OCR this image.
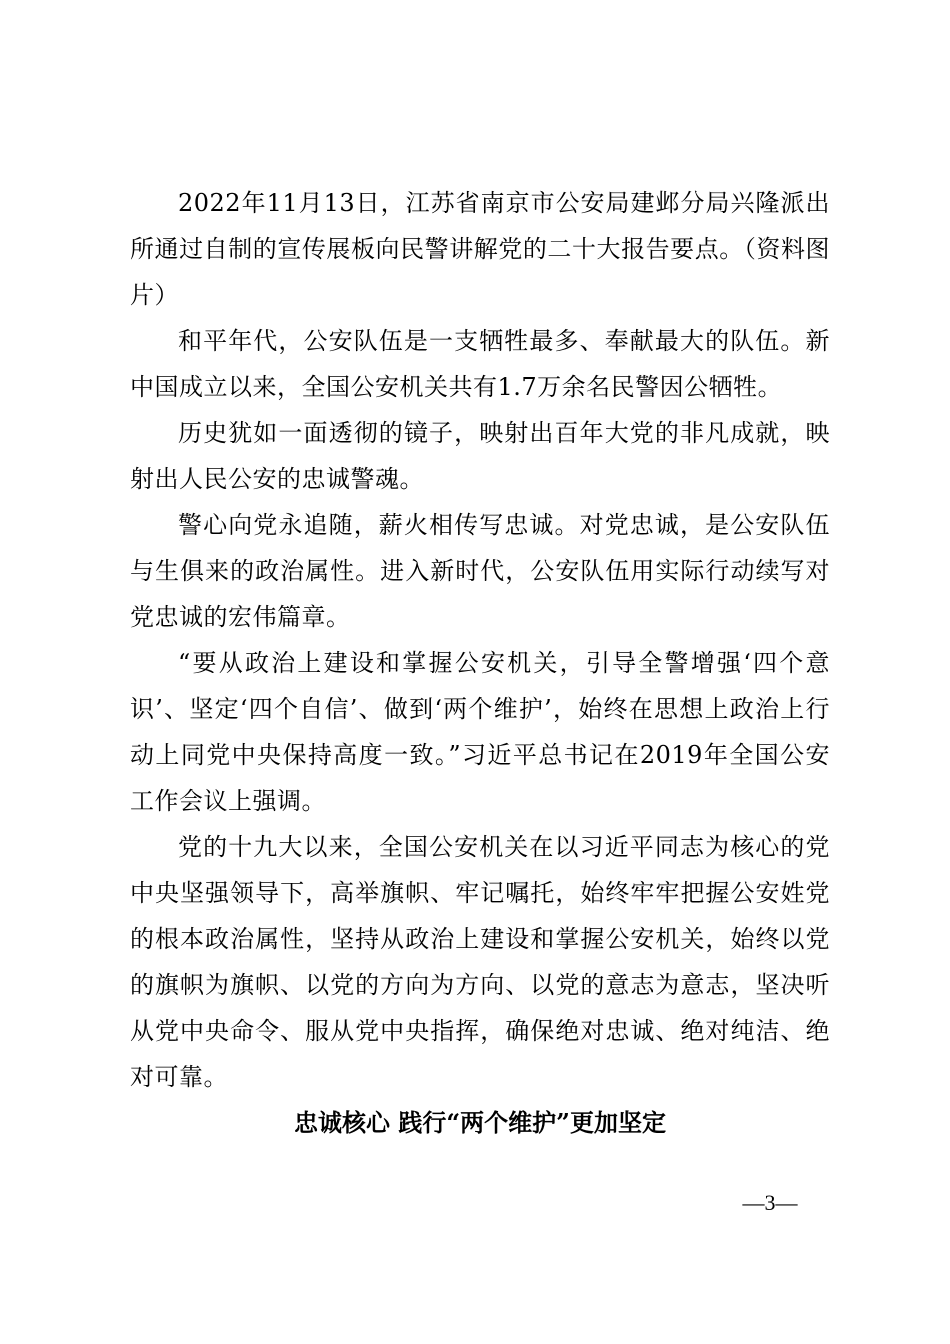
2022年11月13日，江苏省南京市公安局建邺分局兴隆派出所通过自制的宣传展板向民警讲解党的二十大报告要点。（资料图片）

和平年代，公安队伍是一支牺牲最多、奉献最大的队伍。新中国成立以来，全国公安机关共有1.7万余名民警因公牺牲。

历史犹如一面透彻的镜子，映射出百年大党的非凡成就，映射出人民公安的忠诚警魂。

警心向党永追随，薪火相传写忠诚。对党忠诚，是公安队伍与生俱来的政治属性。进入新时代，公安队伍用实际行动续写对党忠诚的宏伟篇章。

“要从政治上建设和掌握公安机关，引导全警增强‘四个意识’、坚定‘四个自信’、做到‘两个维护’，始终在思想上政治上行动上同党中央保持高度一致。”习近平总书记在2019年全国公安工作会议上强调。

党的十九大以来，全国公安机关在以习近平同志为核心的党中央坚强领导下，高举旗帜、牢记嘱托，始终牢牢把握公安姓党的根本政治属性，坚持从政治上建设和掌握公安机关，始终以党的旗帜为旗帜、以党的方向为方向、以党的意志为意志，坚决听从党中央命令、服从党中央指挥，确保绝对忠诚、绝对纯洁、绝对可靠。

忠诚核心 践行“两个维护”更加坚定
—3—
